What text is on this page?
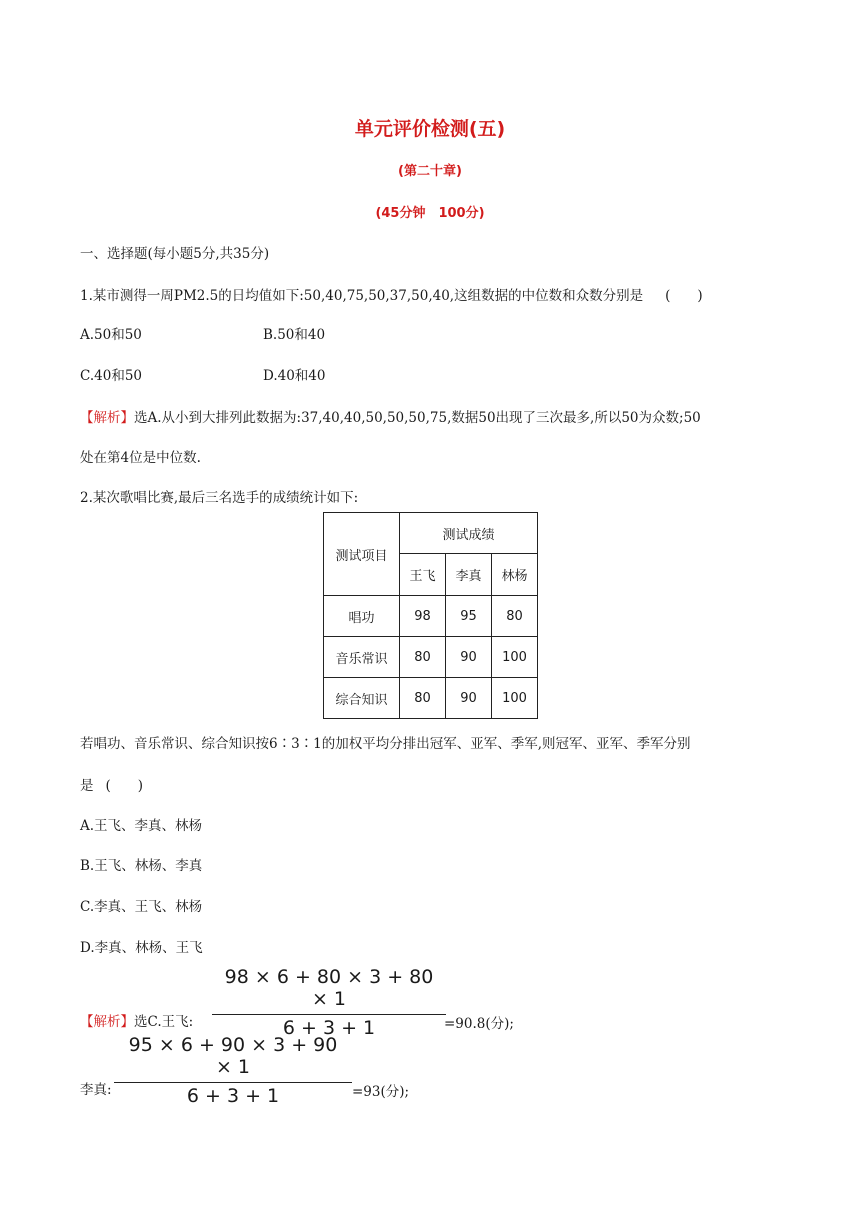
单元评价检测(五)
(第二十章)
(45分钟　100分)
一、选择题(每小题5分,共35分)
1.某市测得一周PM2.5的日均值如下:50,40,75,50,37,50,40,这组数据的中位数和众数分别是 (　　)
A.50和50	B.50和40
C.40和50	D.40和40
【解析】选A.从小到大排列此数据为:37,40,40,50,50,50,75,数据50出现了三次最多,所以50为众数;50
处在第4位是中位数.
2.某次歌唱比赛,最后三名选手的成绩统计如下:
测试项目	测试成绩		
	王飞	李真	林杨
唱功	98	95	80
音乐常识	80	90	100
综合知识	80	90	100
若唱功、音乐常识、综合知识按6∶3∶1的加权平均分排出冠军、亚军、季军,则冠军、亚军、季军分别
是 (　　)
A.王飞、李真、林杨
B.王飞、林杨、李真
C.李真、王飞、林杨
D.李真、林杨、王飞
$\frac{98 \times 6 + 80 \times 3 + 80 \times 1}{6 + 3 + 1}$
【解析】选C.王飞:	=90.8(分);
$\frac{95 \times 6 + 90 \times 3 + 90 \times 1}{6 + 3 + 1}$
李真:	=93(分);
